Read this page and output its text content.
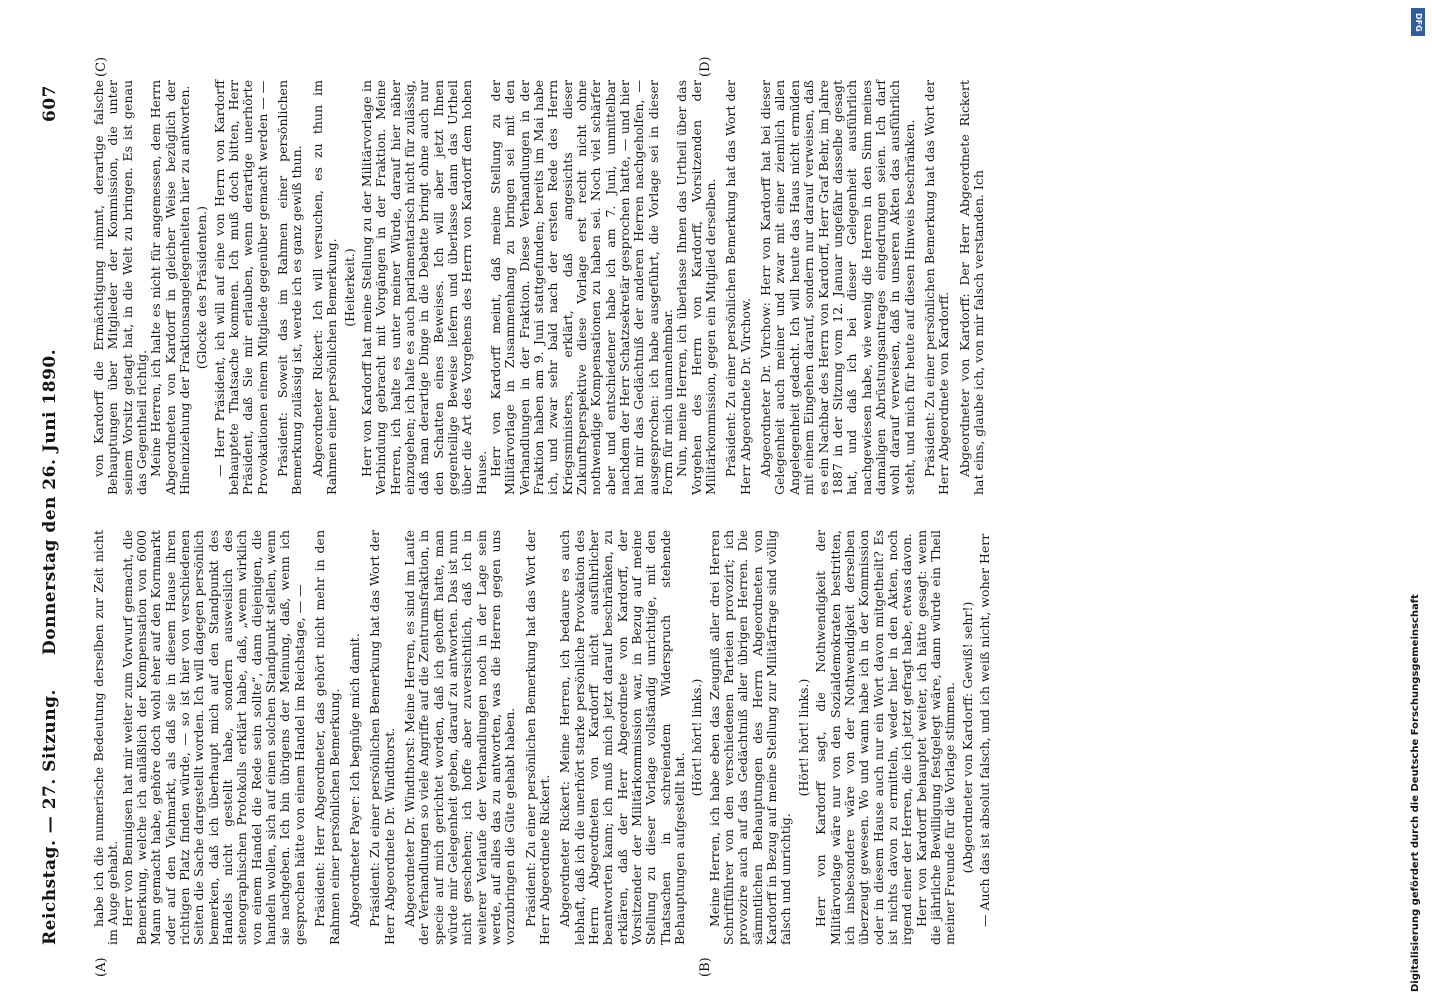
Reichstag. — 27. Sitzung.
Donnerstag den 26. Juni 1890.
607
(A)	(B)
(C)	(D)

habe ich die numerische Bedeutung derselben zur Zeit nicht im Auge gehabt. Herr von Bennigsen hat mir weiter zum Vorwurf gemacht, die Bemerkung, welche ich anläßlich der Kompensation von 6000 Mann gemacht habe, gehöre doch wohl eher auf den Kornmarkt oder auf den Viehmarkt, als daß sie in diesem Hause ihren richtigen Platz finden würde, — so ist hier von verschiedenen Seiten die Sache dargestellt worden. Ich will dagegen persönlich bemerken, daß ich überhaupt mich auf den Standpunkt des Handels nicht gestellt habe, sondern ausweislich des stenographischen Protokolls erklärt habe, daß, „wenn wirklich von einem Handel die Rede sein sollte“, dann diejenigen, die handeln wollen, sich auf einen solchen Standpunkt stellen, wenn sie nachgeben. Ich bin übrigens der Meinung, daß, wenn ich gesprochen hätte von einem Handel im Reichstage, — — Präsident: Herr Abgeordneter, das gehört nicht mehr in den Rahmen einer persönlichen Bemerkung. Abgeordneter Payer: Ich begnüge mich damit. Präsident: Zu einer persönlichen Bemerkung hat das Wort der Herr Abgeordnete Dr. Windthorst. Abgeordneter Dr. Windthorst: Meine Herren, es sind im Laufe der Verhandlungen so viele Angriffe auf die Zentrumsfraktion, in specie auf mich gerichtet worden, daß ich gehofft hatte, man würde mir Gelegenheit geben, darauf zu antworten. Das ist nun nicht geschehen; ich hoffe aber zuversichtlich, daß ich in weiterer Verlaufe der Verhandlungen noch in der Lage sein werde, auf alles das zu antworten, was die Herren gegen uns vorzubringen die Güte gehabt haben. Präsident: Zu einer persönlichen Bemerkung hat das Wort der Herr Abgeordnete Rickert. Abgeordneter Rickert: Meine Herren, ich bedaure es auch lebhaft, daß ich die unerhört starke persönliche Provokation des Herrn Abgeordneten von Kardorff nicht ausführlicher beantworten kann; ich muß mich jetzt darauf beschränken, zu erklären, daß der Herr Abgeordnete von Kardorff, der Vorsitzender der Militärkommission war, in Bezug auf meine Stellung zu dieser Vorlage vollständig unrichtige, mit den Thatsachen in schreiendem Widerspruch stehende Behauptungen aufgestellt hat.

(Hört! hört! links.) Meine Herren, ich habe eben das Zeugniß aller drei Herren Schriftführer von den verschiedenen Parteien provozirt; ich provozire auch auf das Gedächtniß aller übrigen Herren. Die sämmtlichen Behauptungen des Herrn Abgeordneten von Kardorff in Bezug auf meine Stellung zur Militärfrage sind völlig falsch und unrichtig.

(Hört! hört! links.) Herr von Kardorff sagt, die Nothwendigkeit der Militärvorlage wäre nur von den Sozialdemokraten bestritten, ich insbesondere wäre von der Nothwendigkeit derselben überzeugt gewesen. Wo und wann habe ich in der Kommission oder in diesem Hause auch nur ein Wort davon mitgetheilt? Es ist nichts davon zu ermitteln, weder hier in den Akten, noch irgend einer der Herren, die ich jetzt gefragt habe, etwas davon. Herr von Kardorff behauptet weiter, ich hätte gesagt: wenn die jährliche Bewilligung festgelegt wäre, dann würde ein Theil meiner Freunde für die Vorlage stimmen. (Abgeordneter von Kardorff: Gewiß! sehr!) — Auch das ist absolut falsch, und ich weiß nicht, woher Herr

von Kardorff die Ermächtigung nimmt, derartige falsche Behauptungen über Mitglieder der Kommission, die unter seinem Vorsitz getagt hat, in die Welt zu bringen. Es ist genau das Gegentheil richtig. Meine Herren, ich halte es nicht für angemessen, dem Herrn Abgeordneten von Kardorff in gleicher Weise bezüglich der Hineinziehung der Fraktionsangelegenheiten hier zu antworten. (Glocke des Präsidenten.) — Herr Präsident, ich will auf eine von Herrn von Kardorff behauptete Thatsache kommen. Ich muß doch bitten, Herr Präsident, daß Sie mir erlauben, wenn derartige unerhörte Provokationen einem Mitgliede gegenüber gemacht werden — — Präsident: Soweit das im Rahmen einer persönlichen Bemerkung zulässig ist, werde ich es ganz gewiß thun. Abgeordneter Rickert: Ich will versuchen, es zu thun im Rahmen einer persönlichen Bemerkung. (Heiterkeit.) Herr von Kardorff hat meine Stellung zu der Militärvorlage in Verbindung gebracht mit Vorgängen in der Fraktion. Meine Herren, ich halte es unter meiner Würde, darauf hier näher einzugehen; ich halte es auch parlamentarisch nicht für zulässig, daß man derartige Dinge in die Debatte bringt ohne auch nur den Schatten eines Beweises. Ich will aber jetzt Ihnen gegenteilige Beweise liefern und überlasse dann das Urtheil über die Art des Vorgehens des Herrn von Kardorff dem hohen Hause. Herr von Kardorff meint, daß meine Stellung zu der Militärvorlage in Zusammenhang zu bringen sei mit den Verhandlungen in der Fraktion. Diese Verhandlungen in der Fraktion haben am 9. Juni stattgefunden; bereits im Mai habe ich, und zwar sehr bald nach der ersten Rede des Herrn Kriegsministers, erklärt, daß angesichts dieser Zukunftsperspektive diese Vorlage erst recht nicht ohne nothwendige Kompensationen zu haben sei. Noch viel schärfer aber und entschiedener habe ich am 7. Juni, unmittelbar nachdem der Herr Schatzsekretär gesprochen hatte, — und hier hat mir das Gedächtniß der anderen Herren nachgeholfen, — ausgesprochen: ich habe ausgeführt, die Vorlage sei in dieser Form für mich unannehmbar. Nun, meine Herren, ich überlasse Ihnen das Urtheil über das Vorgehen des Herrn von Kardorff, Vorsitzenden der Militärkommission, gegen ein Mitglied derselben. Präsident: Zu einer persönlichen Bemerkung hat das Wort der Herr Abgeordnete Dr. Virchow. Abgeordneter Dr. Virchow: Herr von Kardorff hat bei dieser Gelegenheit auch meiner und zwar mit einer ziemlich allen Angelegenheit gedacht. Ich will heute das Haus nicht ermüden mit einem Eingehen darauf, sondern nur darauf verweisen, daß es ein Nachbar des Herrn von Kardorff, Herr Graf Behr, im Jahre 1887 in der Sitzung vom 12. Januar ungefähr dasselbe gesagt hat, und daß ich bei dieser Gelegenheit ausführlich nachgewiesen habe, wie wenig die Herren in den Sinn meines damaligen Abrüstungsantrages eingedrungen seien. Ich darf wohl darauf verweisen, daß in unseren Akten das ausführlich steht, und mich für heute auf diesen Hinweis beschränken. Präsident: Zu einer persönlichen Bemerkung hat das Wort der Herr Abgeordnete von Kardorff. Abgeordneter von Kardorff: Der Herr Abgeordnete Rickert hat eins, glaube ich, von mir falsch verstanden. Ich

DFG
Digitalisierung gefördert durch die Deutsche Forschungsgemeinschaft
